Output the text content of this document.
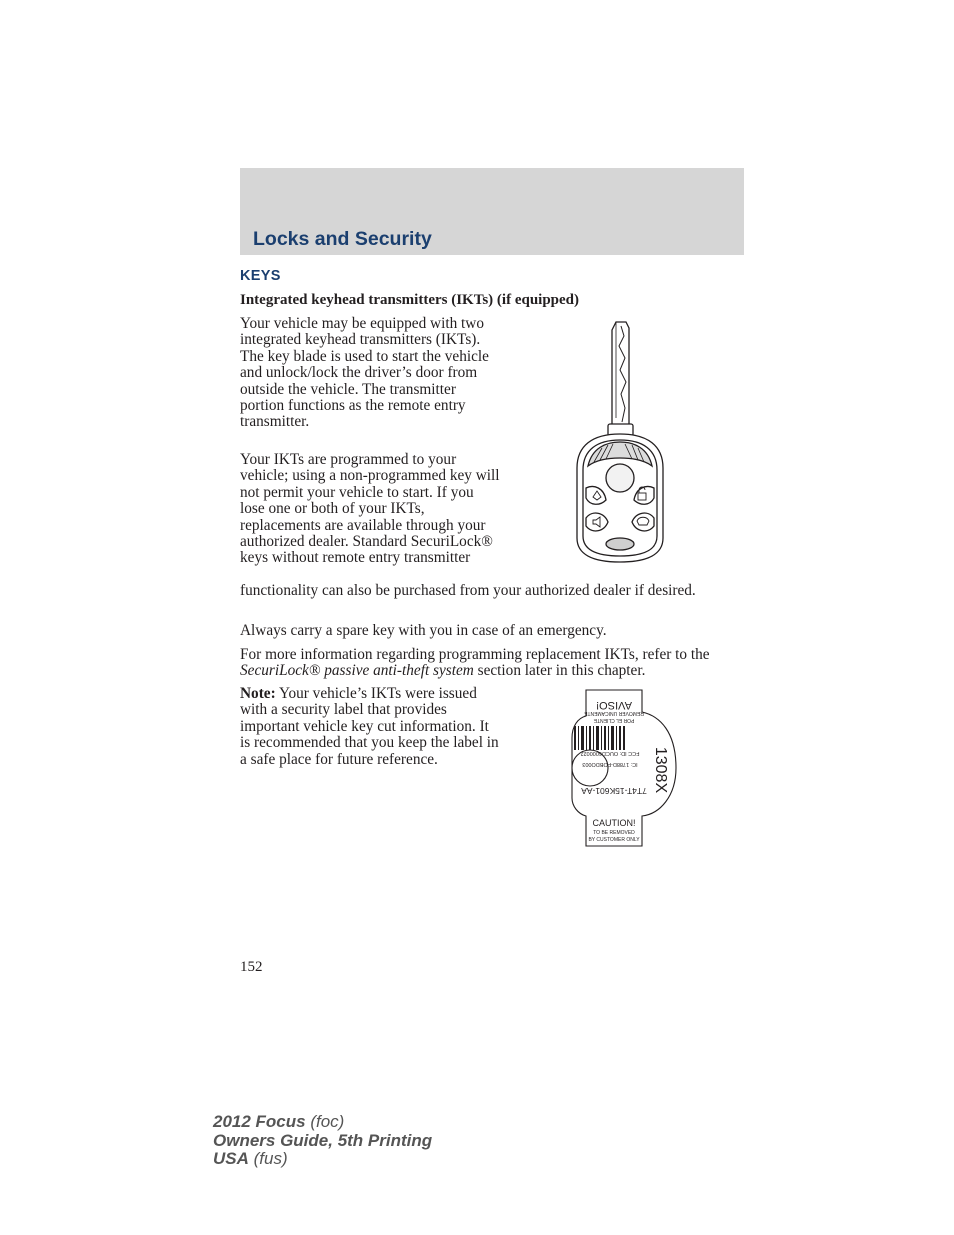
Locks and Security
KEYS
Integrated keyhead transmitters (IKTs) (if equipped)

Your vehicle may be equipped with two integrated keyhead transmitters (IKTs). The key blade is used to start the vehicle and unlock/lock the driver’s door from outside the vehicle. The transmitter portion functions as the remote entry transmitter.

Your IKTs are programmed to your vehicle; using a non-programmed key will not permit your vehicle to start. If you lose one or both of your IKTs, replacements are available through your authorized dealer. Standard SecuriLock® keys without remote entry transmitter

functionality can also be purchased from your authorized dealer if desired.

Always carry a spare key with you in case of an emergency.

For more information regarding programming replacement IKTs, refer to the SecuriLock® passive anti-theft system section later in this chapter.

Note: Your vehicle’s IKTs were issued with a security label that provides important vehicle key cut information. It is recommended that you keep the label in a safe place for future reference.

AVISO!
REMOVER UNICAMENTE
POR EL CLIENTE
IC: 1788D-FOBDO003
FCC ID: OUCD6000022
7T4T-15K601-AA 1308X
CAUTION!
TO BE REMOVED
BY CUSTOMER ONLY

152

2012 Focus (foc)
Owners Guide, 5th Printing
USA (fus)
